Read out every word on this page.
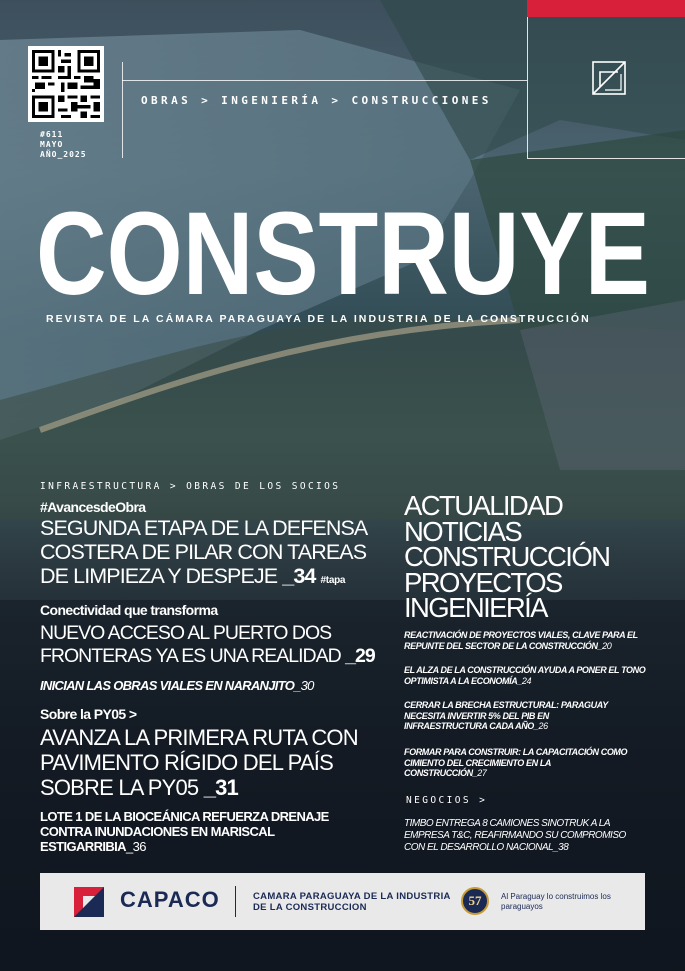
#611
MAYO
AÑO_2025
OBRAS > INGENIERÍA > CONSTRUCCIONES
CONSTRUYE
REVISTA DE LA CÁMARA PARAGUAYA DE LA INDUSTRIA DE LA CONSTRUCCIÓN
INFRAESTRUCTURA > OBRAS DE LOS SOCIOS
#AvancesdeObra
SEGUNDA ETAPA DE LA DEFENSA COSTERA DE PILAR CON TAREAS DE LIMPIEZA Y DESPEJE _34 #tapa
Conectividad que transforma
NUEVO ACCESO AL PUERTO DOS FRONTERAS YA ES UNA REALIDAD _29
INICIAN LAS OBRAS VIALES EN NARANJITO_30
Sobre la PY05 >
AVANZA LA PRIMERA RUTA CON PAVIMENTO RÍGIDO DEL PAÍS SOBRE LA PY05 _31
LOTE 1 DE LA BIOCEÁNICA REFUERZA DRENAJE CONTRA INUNDACIONES EN MARISCAL ESTIGARRIBIA_36
ACTUALIDAD
NOTICIAS
CONSTRUCCIÓN
PROYECTOS
INGENIERÍA
REACTIVACIÓN DE PROYECTOS VIALES, CLAVE PARA EL REPUNTE DEL SECTOR DE LA CONSTRUCCIÓN_20
EL ALZA DE LA CONSTRUCCIÓN AYUDA A PONER EL TONO OPTIMISTA A LA ECONOMÍA_24
CERRAR LA BRECHA ESTRUCTURAL: PARAGUAY NECESITA INVERTIR 5% DEL PIB EN INFRAESTRUCTURA CADA AÑO_26
FORMAR PARA CONSTRUIR: LA CAPACITACIÓN COMO CIMIENTO DEL CRECIMIENTO EN LA CONSTRUCCIÓN_27
NEGOCIOS >
TIMBO ENTREGA 8 CAMIONES SINOTRUK A LA EMPRESA T&C, REAFIRMANDO SU COMPROMISO CON EL DESARROLLO NACIONAL_38
CAPACO	CAMARA PARAGUAYA DE LA INDUSTRIA DE LA CONSTRUCCION	57	Al Paraguay lo construimos los paraguayos
